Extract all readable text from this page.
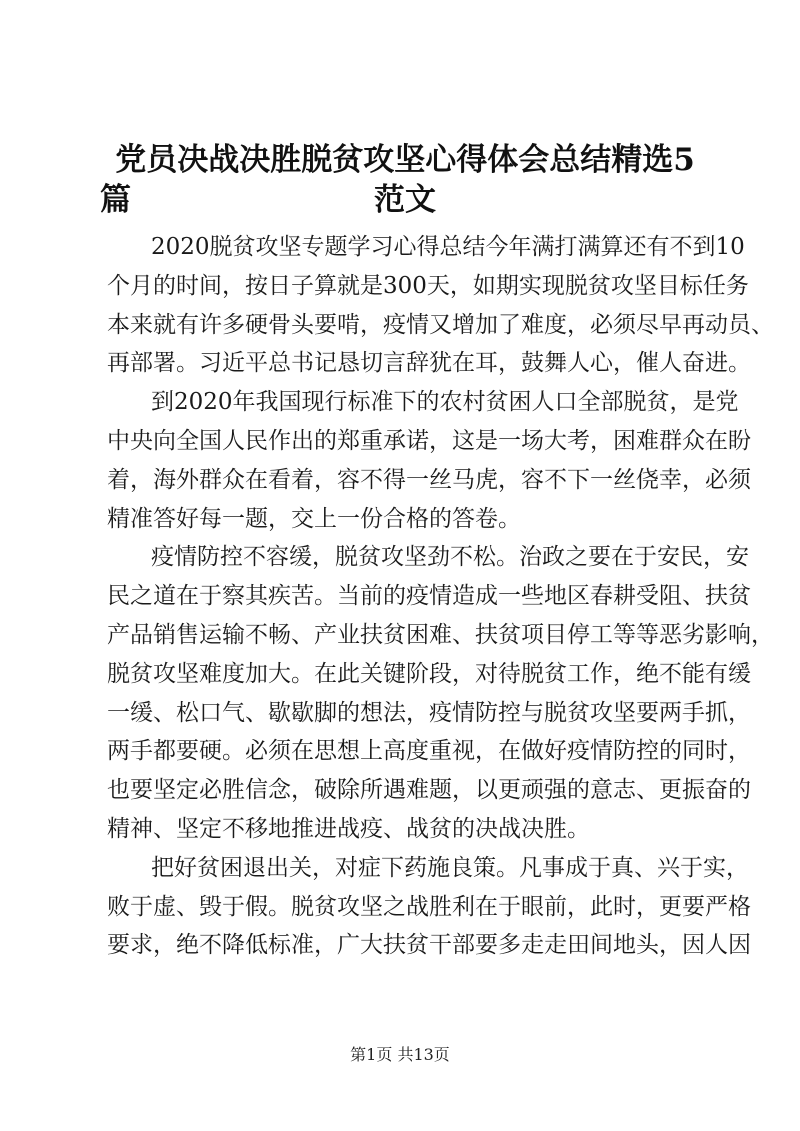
党员决战决胜脱贫攻坚心得体会总结精选5篇	范文
2020脱贫攻坚专题学习心得总结今年满打满算还有不到10
个月的时间，按日子算就是300天，如期实现脱贫攻坚目标任务
本来就有许多硬骨头要啃，疫情又增加了难度，必须尽早再动员、
再部署。习近平总书记恳切言辞犹在耳，鼓舞人心，催人奋进。
到2020年我国现行标准下的农村贫困人口全部脱贫，是党
中央向全国人民作出的郑重承诺，这是一场大考，困难群众在盼
着，海外群众在看着，容不得一丝马虎，容不下一丝侥幸，必须
精准答好每一题，交上一份合格的答卷。
疫情防控不容缓，脱贫攻坚劲不松。治政之要在于安民，安
民之道在于察其疾苦。当前的疫情造成一些地区春耕受阻、扶贫
产品销售运输不畅、产业扶贫困难、扶贫项目停工等等恶劣影响，
脱贫攻坚难度加大。在此关键阶段，对待脱贫工作，绝不能有缓
一缓、松口气、歇歇脚的想法，疫情防控与脱贫攻坚要两手抓，
两手都要硬。必须在思想上高度重视，在做好疫情防控的同时，
也要坚定必胜信念，破除所遇难题，以更顽强的意志、更振奋的
精神、坚定不移地推进战疫、战贫的决战决胜。
把好贫困退出关，对症下药施良策。凡事成于真、兴于实，
败于虚、毁于假。脱贫攻坚之战胜利在于眼前，此时，更要严格
要求，绝不降低标准，广大扶贫干部要多走走田间地头，因人因
第1页 共13页
